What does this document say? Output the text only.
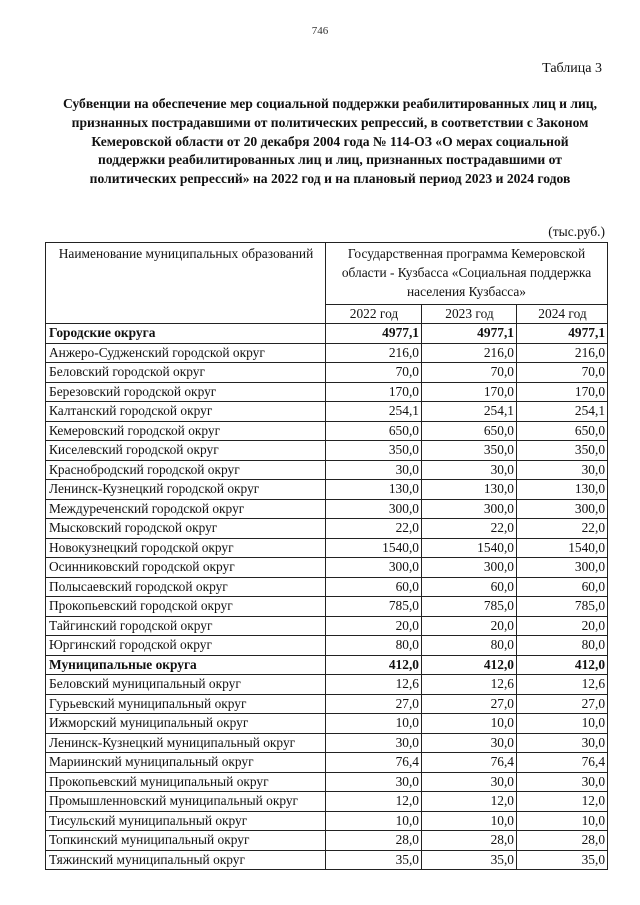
746
Таблица 3
Субвенции на обеспечение мер социальной поддержки реабилитированных лиц и лиц,
признанных пострадавшими от политических репрессий, в соответствии с Законом
Кемеровской области от 20 декабря 2004 года № 114-ОЗ «О мерах социальной
поддержки реабилитированных лиц и лиц, признанных пострадавшими от
политических репрессий» на 2022 год и на плановый период 2023 и 2024 годов
(тыс.руб.)
Наименование муниципальных образований	Государственная программа Кемеровской области - Кузбасса «Социальная поддержка населения Кузбасса»		
	2022 год	2023 год	2024 год
Городские округа	4977,1	4977,1	4977,1
Анжеро-Судженский городской округ	216,0	216,0	216,0
Беловский городской округ	70,0	70,0	70,0
Березовский городской округ	170,0	170,0	170,0
Калтанский городской округ	254,1	254,1	254,1
Кемеровский городской округ	650,0	650,0	650,0
Киселевский городской округ	350,0	350,0	350,0
Краснобродский городской округ	30,0	30,0	30,0
Ленинск-Кузнецкий городской округ	130,0	130,0	130,0
Междуреченский городской округ	300,0	300,0	300,0
Мысковский городской округ	22,0	22,0	22,0
Новокузнецкий городской округ	1540,0	1540,0	1540,0
Осинниковский городской округ	300,0	300,0	300,0
Полысаевский городской округ	60,0	60,0	60,0
Прокопьевский городской округ	785,0	785,0	785,0
Тайгинский городской округ	20,0	20,0	20,0
Юргинский городской округ	80,0	80,0	80,0
Муниципальные округа	412,0	412,0	412,0
Беловский муниципальный округ	12,6	12,6	12,6
Гурьевский муниципальный округ	27,0	27,0	27,0
Ижморский муниципальный округ	10,0	10,0	10,0
Ленинск-Кузнецкий муниципальный округ	30,0	30,0	30,0
Мариинский муниципальный округ	76,4	76,4	76,4
Прокопьевский муниципальный округ	30,0	30,0	30,0
Промышленновский муниципальный округ	12,0	12,0	12,0
Тисульский муниципальный округ	10,0	10,0	10,0
Топкинский муниципальный округ	28,0	28,0	28,0
Тяжинский муниципальный округ	35,0	35,0	35,0
